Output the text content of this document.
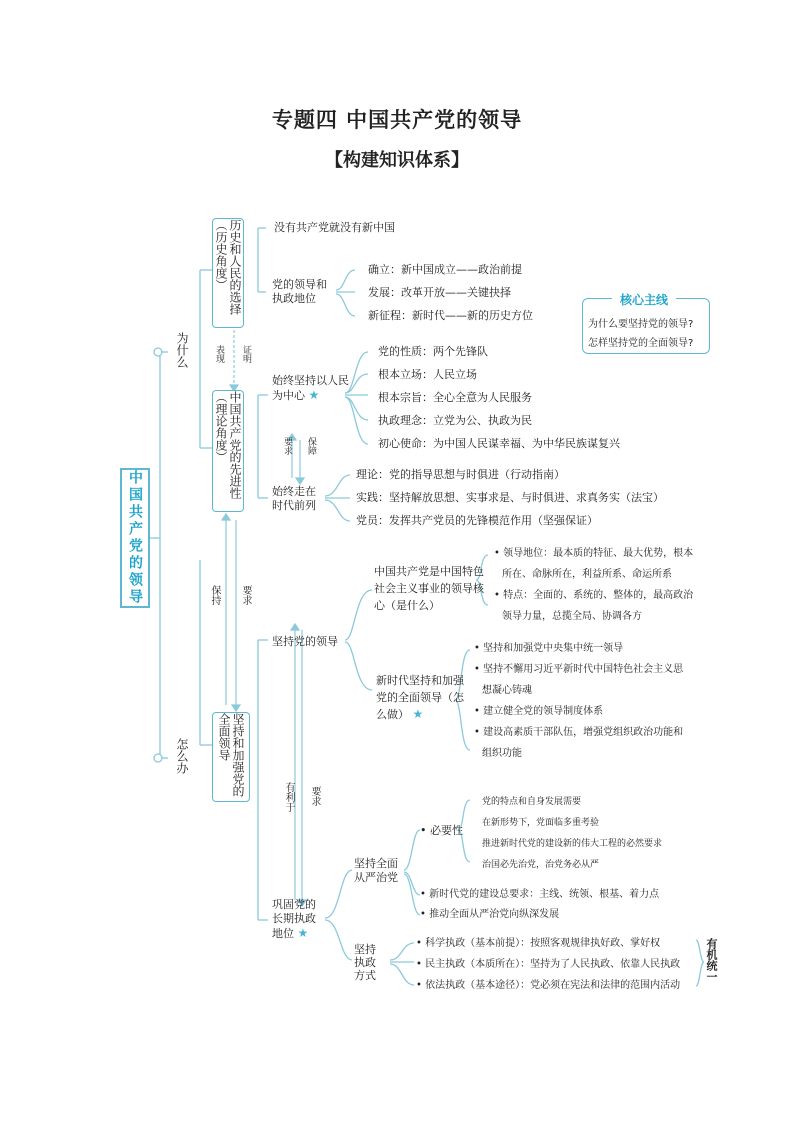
专题四 中国共产党的领导
【构建知识体系】
中国共产党的领导
为什么
历史和人民的选择（历史角度）
表现 证明
中国共产党的先进性（理论角度）
没有共产党就没有新中国
党的领导和执政地位
确立：新中国成立——政治前提
发展：改革开放——关键抉择
新征程：新时代——新的历史方位
始终坚持以人民为中心 ★
党的性质：两个先锋队
根本立场：人民立场
根本宗旨：全心全意为人民服务
执政理念：立党为公、执政为民
初心使命：为中国人民谋幸福、为中华民族谋复兴
要求 保障
始终走在时代前列
理论：党的指导思想与时俱进（行动指南）
实践：坚持解放思想、实事求是、与时俱进、求真务实（法宝）
党员：发挥共产党员的先锋模范作用（坚强保证）
核心主线
为什么要坚持党的领导?
怎样坚持党的全面领导?
保持 要求
怎么办	坚持和加强党的全面领导
坚持党的领导
中国共产党是中国特色社会主义事业的领导核心（是什么）
• 领导地位：最本质的特征、最大优势，根本
所在、命脉所在，利益所系、命运所系
• 特点：全面的、系统的、整体的，最高政治
领导力量，总揽全局、协调各方
新时代坚持和加强党的全面领导（怎么做） ★
• 坚持和加强党中央集中统一领导
• 坚持不懈用习近平新时代中国特色社会主义思
想凝心铸魂
• 建立健全党的领导制度体系
• 建设高素质干部队伍，增强党组织政治功能和
组织功能
有利于 要求
巩固党的长期执政地位 ★
坚持全面从严治党
• 必要性
党的特点和自身发展需要
在新形势下，党面临多重考验
推进新时代党的建设新的伟大工程的必然要求
治国必先治党，治党务必从严
• 新时代党的建设总要求：主线、统领、根基、着力点
• 推动全面从严治党向纵深发展
坚持执政方式
• 科学执政（基本前提）：按照客观规律执好政、掌好权
• 民主执政（本质所在）：坚持为了人民执政、依靠人民执政
• 依法执政（基本途径）：党必须在宪法和法律的范围内活动
有机统一
